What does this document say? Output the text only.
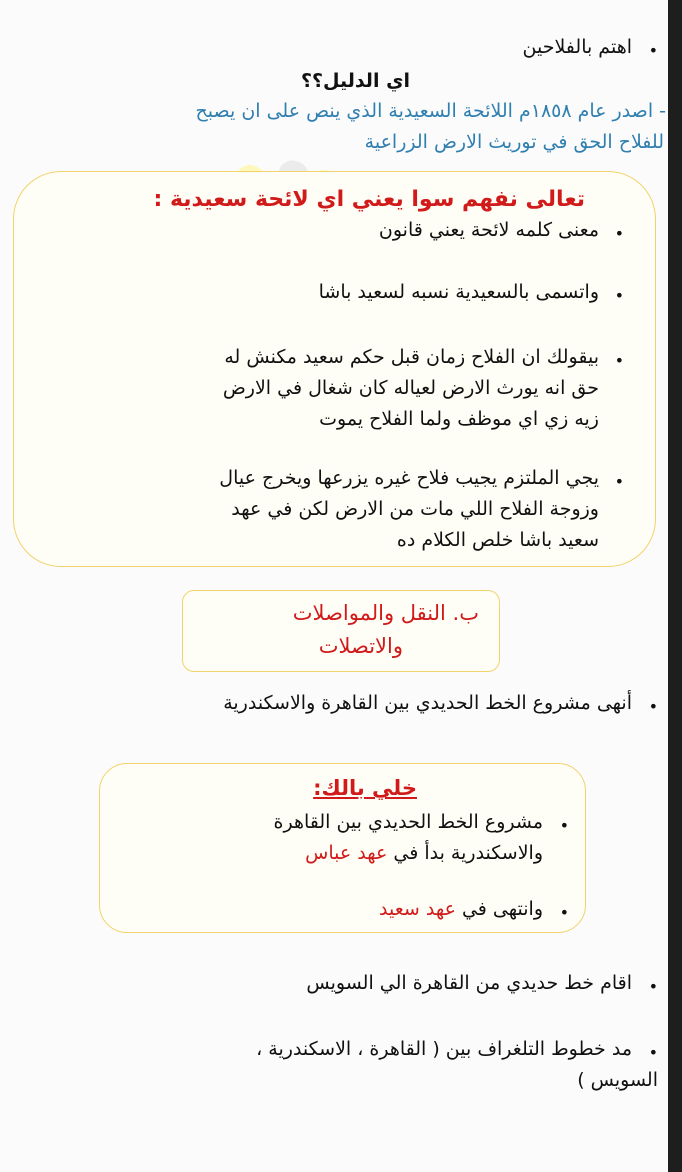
•
اهتم بالفلاحين
اي الدليل؟؟
- اصدر عام ١٨٥٨م اللائحة السعيدية الذي ينص على ان يصبح
للفلاح الحق في توريث الارض الزراعية
تعالى نفهم سوا يعني اي لائحة سعيدية :
•
معنى كلمه لائحة يعني قانون
•
واتسمى بالسعيدية نسبه لسعيد باشا
•
بيقولك ان الفلاح زمان قبل حكم سعيد مكنش له
حق انه يورث الارض لعياله كان شغال في الارض
زيه زي اي موظف ولما الفلاح يموت
•
يجي الملتزم يجيب فلاح غيره يزرعها ويخرج عيال
وزوجة الفلاح اللي مات من الارض لكن في عهد
سعيد باشا خلص الكلام ده
ب. النقل والمواصلات
والاتصلات
•
أنهى مشروع الخط الحديدي بين القاهرة والاسكندرية
خلي بالك:
•
مشروع الخط الحديدي بين القاهرة
والاسكندرية بدأ في عهد عباس
•
وانتهى في عهد سعيد
•
اقام خط حديدي من القاهرة الي السويس
•
مد خطوط التلغراف بين ( القاهرة ، الاسكندرية ،
السويس )
